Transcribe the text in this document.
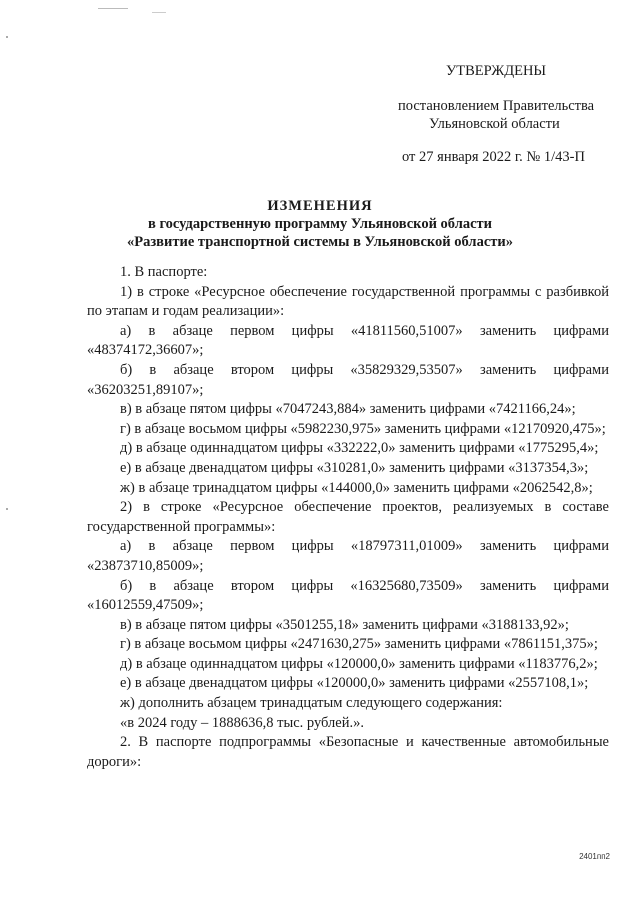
УТВЕРЖДЕНЫ
постановлением Правительства
Ульяновской области
от 27 января 2022 г. № 1/43-П
ИЗМЕНЕНИЯ
в государственную программу Ульяновской области
«Развитие транспортной системы в Ульяновской области»

1. В паспорте:

1) в строке «Ресурсное обеспечение государственной программы с разбивкой по этапам и годам реализации»:

а) в абзаце первом цифры «41811560,51007» заменить цифрами «48374172,36607»;

б) в абзаце втором цифры «35829329,53507» заменить цифрами «36203251,89107»;

в) в абзаце пятом цифры «7047243,884» заменить цифрами «7421166,24»;

г) в абзаце восьмом цифры «5982230,975» заменить цифрами «12170920,475»;

д) в абзаце одиннадцатом цифры «332222,0» заменить цифрами «1775295,4»;

е) в абзаце двенадцатом цифры «310281,0» заменить цифрами «3137354,3»;

ж) в абзаце тринадцатом цифры «144000,0» заменить цифрами «2062542,8»;

2) в строке «Ресурсное обеспечение проектов, реализуемых в составе государственной программы»:

а) в абзаце первом цифры «18797311,01009» заменить цифрами «23873710,85009»;

б) в абзаце втором цифры «16325680,73509» заменить цифрами «16012559,47509»;

в) в абзаце пятом цифры «3501255,18» заменить цифрами «3188133,92»;

г) в абзаце восьмом цифры «2471630,275» заменить цифрами «7861151,375»;

д) в абзаце одиннадцатом цифры «120000,0» заменить цифрами «1183776,2»;

е) в абзаце двенадцатом цифры «120000,0» заменить цифрами «2557108,1»;

ж) дополнить абзацем тринадцатым следующего содержания:

«в 2024 году – 1888636,8 тыс. рублей.».

2. В паспорте подпрограммы «Безопасные и качественные автомобильные дороги»:

2401пп2
